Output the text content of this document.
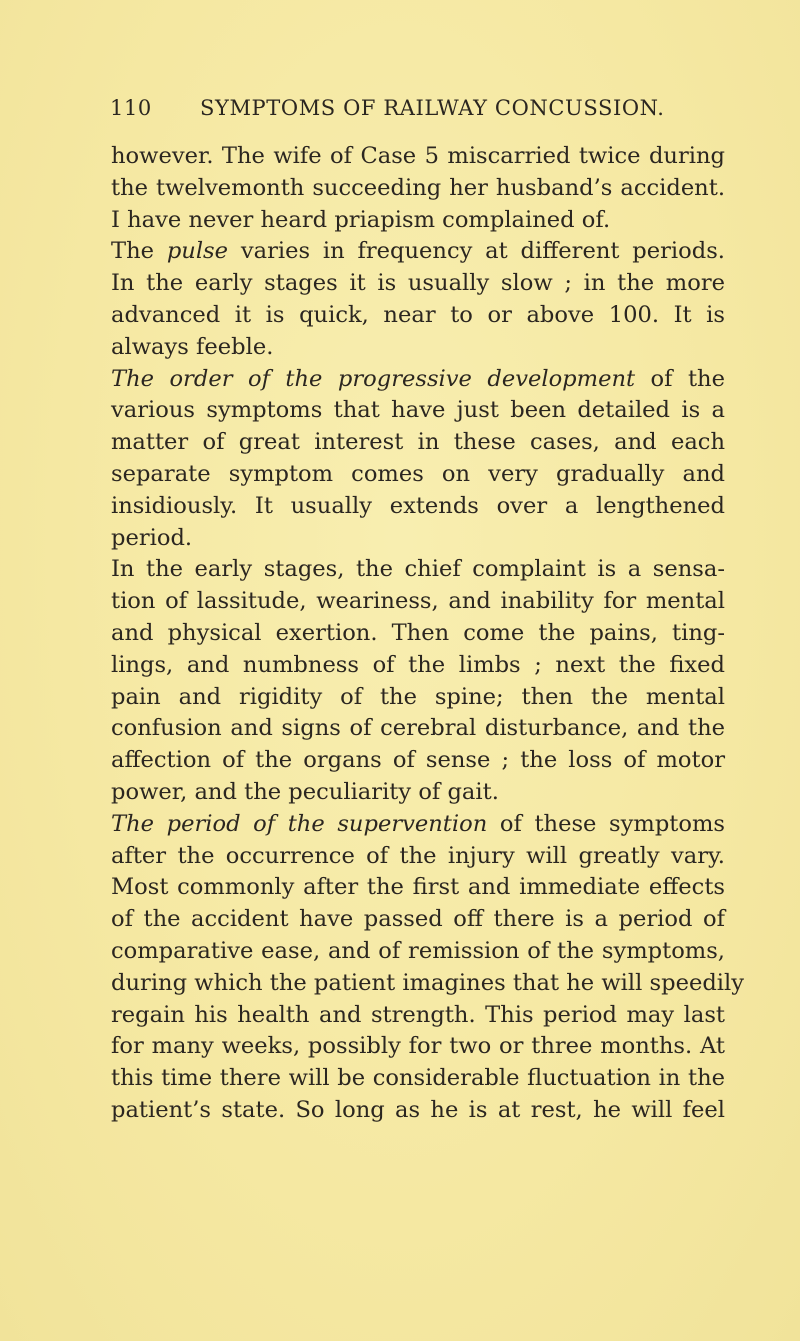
110 SYMPTOMS OF RAILWAY CONCUSSION.
however. The wife of Case 5 miscarried twice during
the twelvemonth succeeding her husband’s accident.
I have never heard priapism complained of.
The pulse varies in frequency at different periods.
In the early stages it is usually slow ; in the more
advanced it is quick, near to or above 100. It is
always feeble.
The order of the progressive development of the
various symptoms that have just been detailed is a
matter of great interest in these cases, and each
separate symptom comes on very gradually and
insidiously. It usually extends over a lengthened
period.
In the early stages, the chief complaint is a sensa-
tion of lassitude, weariness, and inability for mental
and physical exertion. Then come the pains, ting-
lings, and numbness of the limbs ; next the fixed
pain and rigidity of the spine; then the mental
confusion and signs of cerebral disturbance, and the
affection of the organs of sense ; the loss of motor
power, and the peculiarity of gait.
The period of the supervention of these symptoms
after the occurrence of the injury will greatly vary.
Most commonly after the first and immediate effects
of the accident have passed off there is a period of
comparative ease, and of remission of the symptoms,
during which the patient imagines that he will speedily
regain his health and strength. This period may last
for many weeks, possibly for two or three months. At
this time there will be considerable fluctuation in the
patient’s state. So long as he is at rest, he will feel
